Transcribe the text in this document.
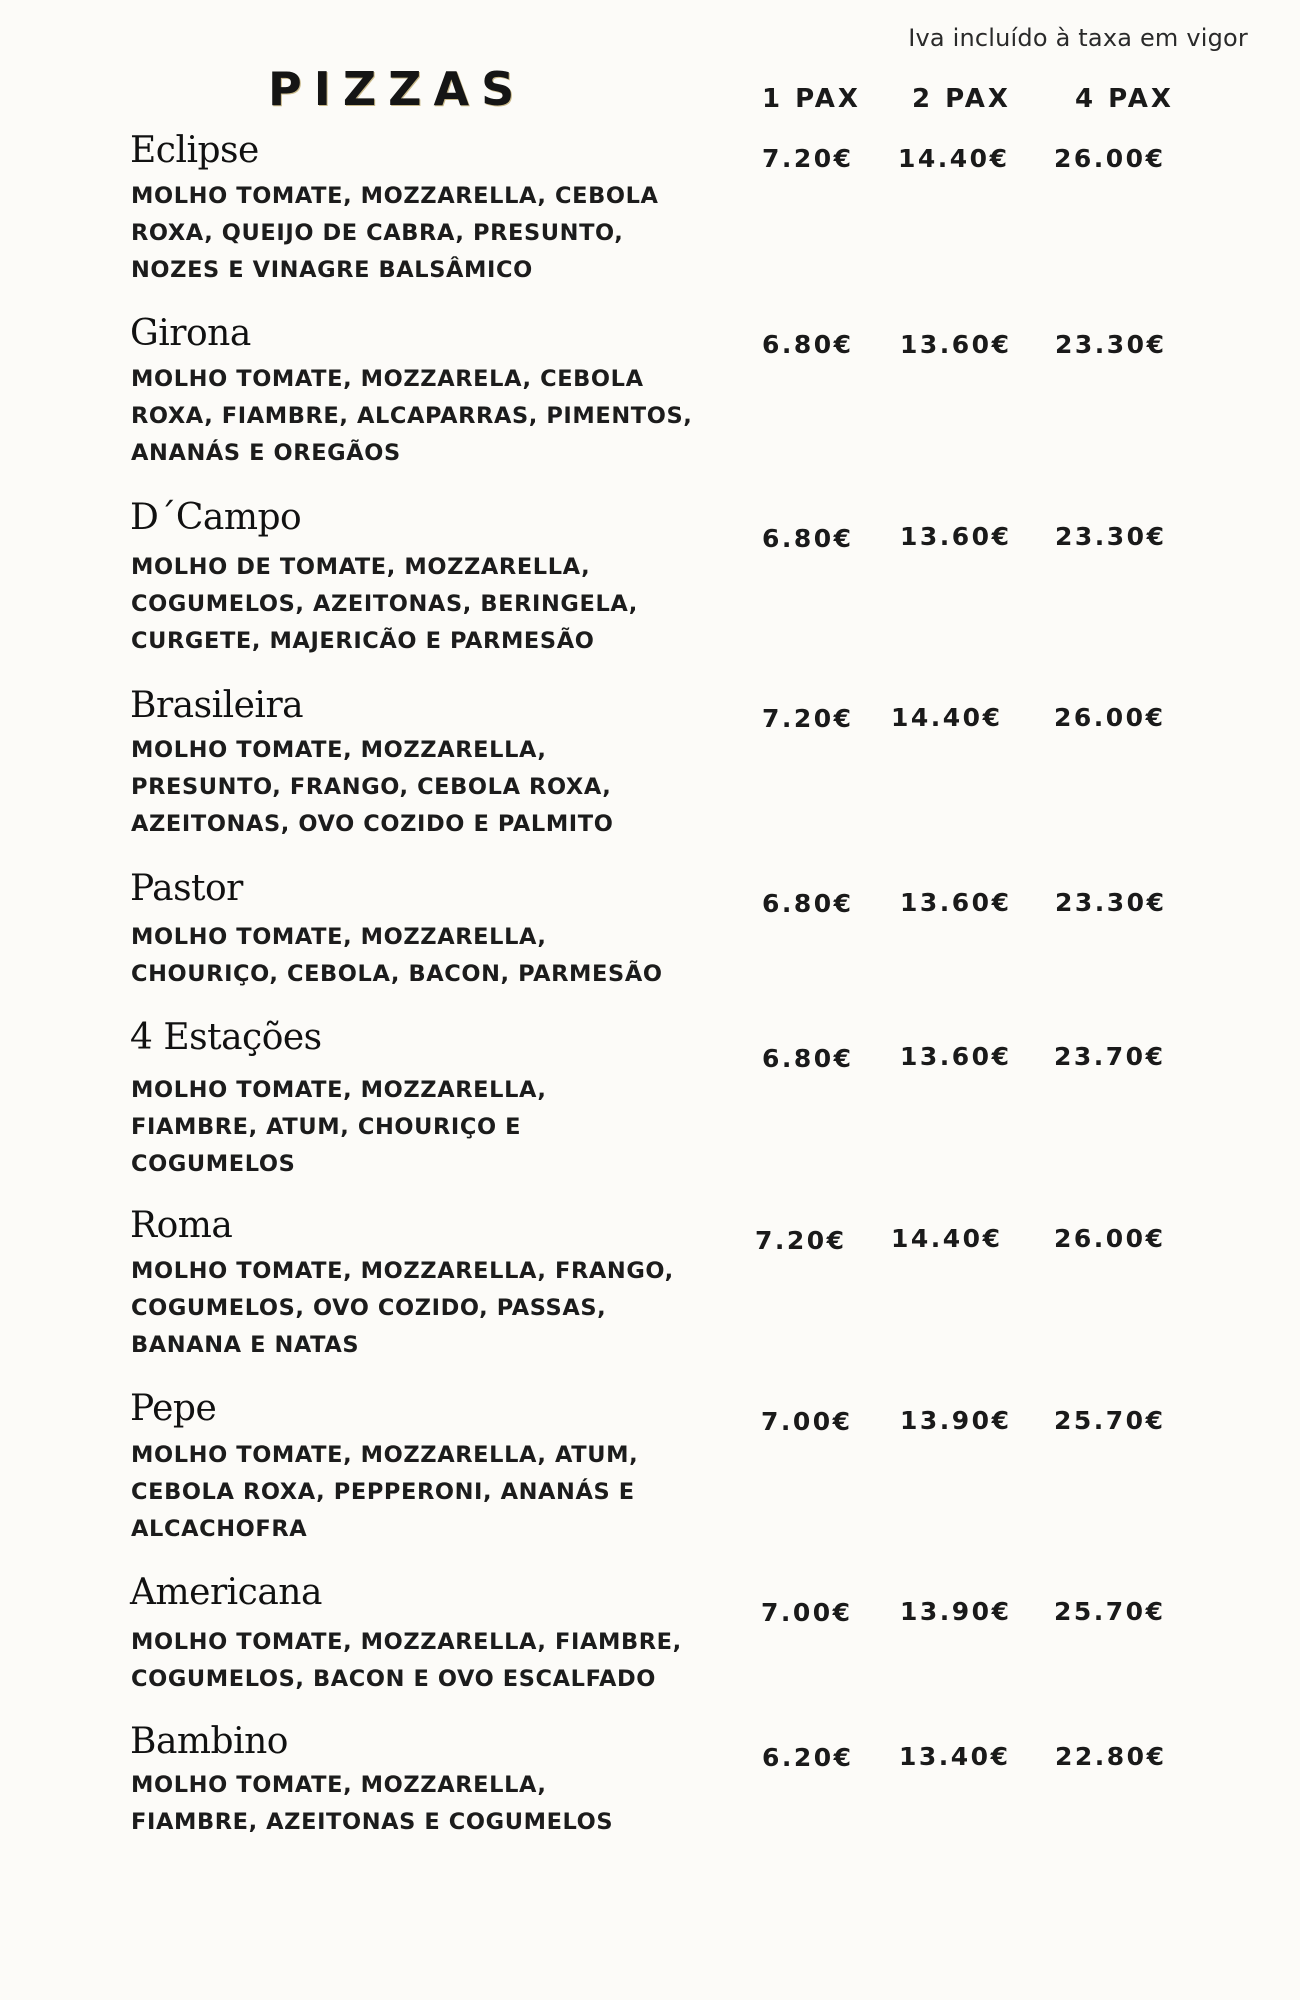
Iva incluído à taxa em vigor
PIZZAS	1 PAX 2 PAX 4 PAX
Eclipse

MOLHO TOMATE, MOZZARELLA, CEBOLA
ROXA, QUEIJO DE CABRA, PRESUNTO,
NOZES E VINAGRE BALSÂMICO

7.20€ 14.40€ 26.00€
Girona

MOLHO TOMATE, MOZZARELA, CEBOLA
ROXA, FIAMBRE, ALCAPARRAS, PIMENTOS,
ANANÁS E OREGÃOS

6.80€ 13.60€ 23.30€
D´Campo

MOLHO DE TOMATE, MOZZARELLA,
COGUMELOS, AZEITONAS, BERINGELA,
CURGETE, MAJERICÃO E PARMESÃO

6.80€ 13.60€ 23.30€
Brasileira

MOLHO TOMATE, MOZZARELLA,
PRESUNTO, FRANGO, CEBOLA ROXA,
AZEITONAS, OVO COZIDO E PALMITO

7.20€ 14.40€ 26.00€
Pastor

MOLHO TOMATE, MOZZARELLA,
CHOURIÇO, CEBOLA, BACON, PARMESÃO

6.80€ 13.60€ 23.30€
4 Estações

MOLHO TOMATE, MOZZARELLA,
FIAMBRE, ATUM, CHOURIÇO E
COGUMELOS

6.80€ 13.60€ 23.70€
Roma

MOLHO TOMATE, MOZZARELLA, FRANGO,
COGUMELOS, OVO COZIDO, PASSAS,
BANANA E NATAS

7.20€ 14.40€ 26.00€
Pepe

MOLHO TOMATE, MOZZARELLA, ATUM,
CEBOLA ROXA, PEPPERONI, ANANÁS E
ALCACHOFRA

7.00€ 13.90€ 25.70€
Americana

MOLHO TOMATE, MOZZARELLA, FIAMBRE,
COGUMELOS, BACON E OVO ESCALFADO

7.00€ 13.90€ 25.70€
Bambino

MOLHO TOMATE, MOZZARELLA,
FIAMBRE, AZEITONAS E COGUMELOS

6.20€ 13.40€ 22.80€
